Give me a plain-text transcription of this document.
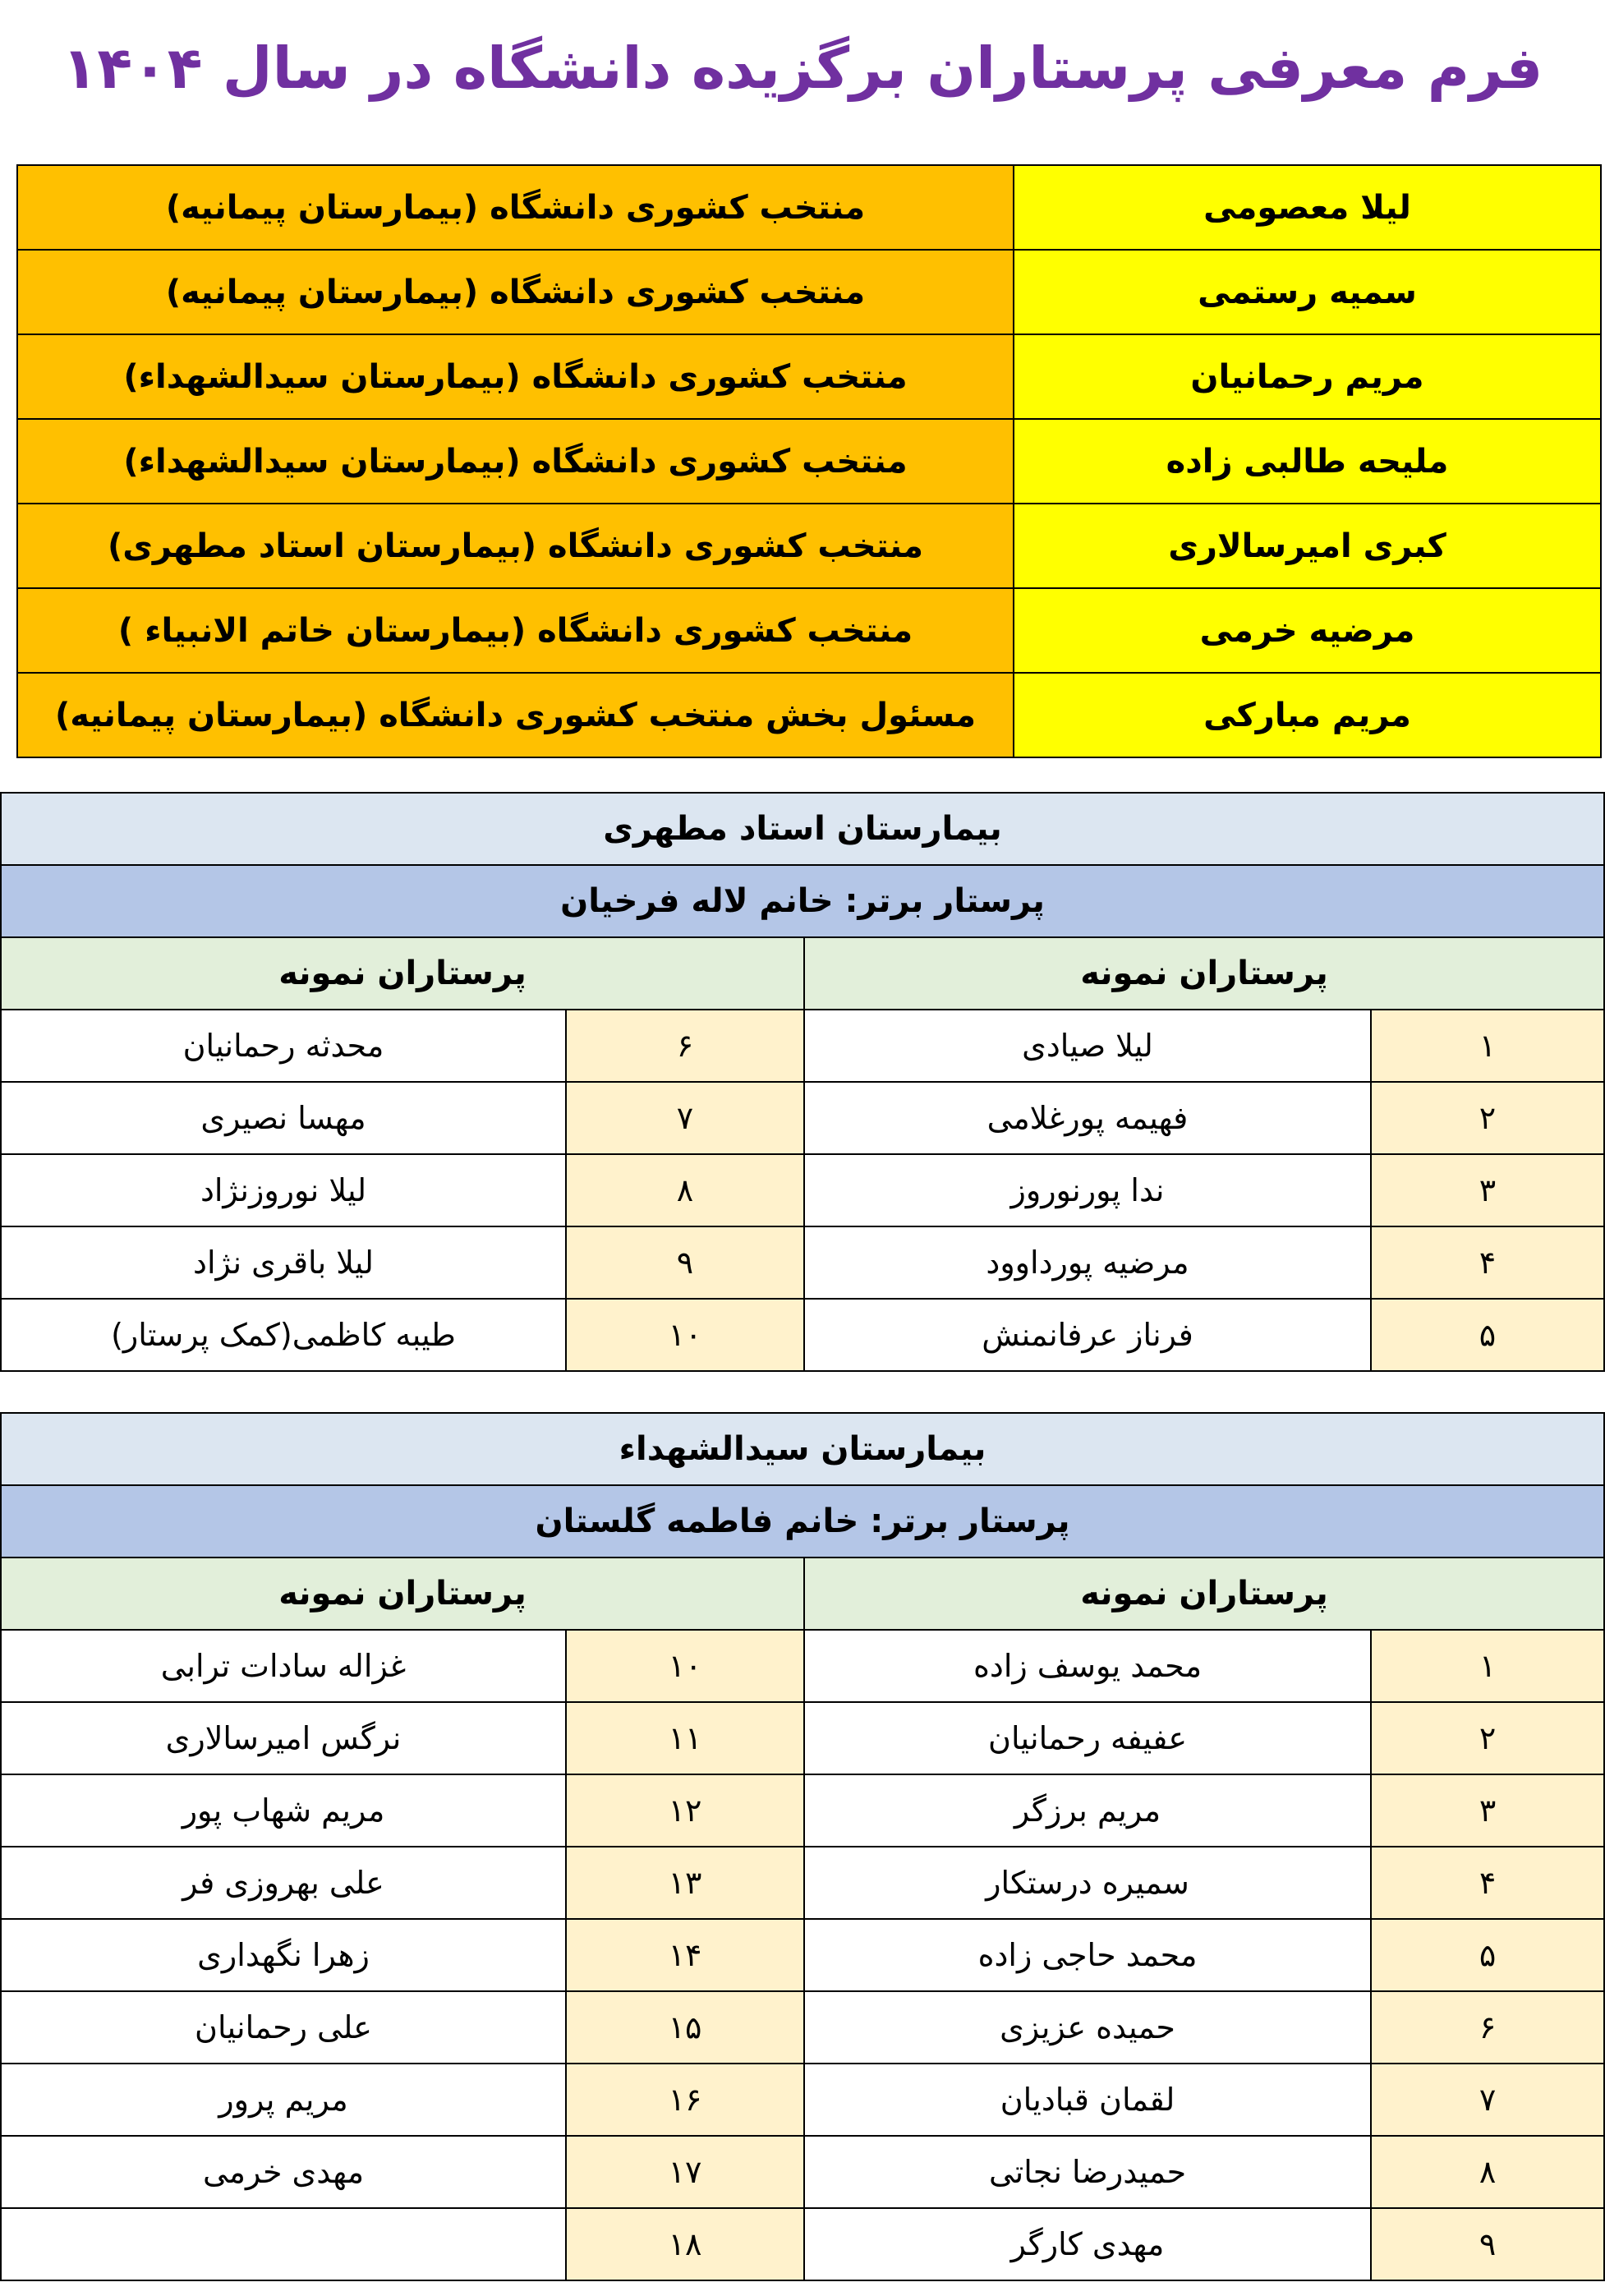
فرم معرفی پرستاران برگزیده دانشگاه در سال ۱۴۰۴
لیلا معصومی	منتخب کشوری دانشگاه (بیمارستان پیمانیه)
سمیه رستمی	منتخب کشوری دانشگاه (بیمارستان پیمانیه)
مریم رحمانیان	منتخب کشوری دانشگاه (بیمارستان سیدالشهداء)
ملیحه طالبی زاده	منتخب کشوری دانشگاه (بیمارستان سیدالشهداء)
کبری امیرسالاری	منتخب کشوری دانشگاه (بیمارستان استاد مطهری)
مرضیه خرمی	منتخب کشوری دانشگاه (بیمارستان خاتم الانبیاء )
مریم مبارکی	مسئول بخش منتخب کشوری دانشگاه (بیمارستان پیمانیه)
بیمارستان استاد مطهری			
پرستار برتر: خانم لاله فرخیان			
پرستاران نمونه		پرستاران نمونه	
۱	لیلا صیادی	۶	محدثه رحمانیان
۲	فهیمه پورغلامی	۷	مهسا نصیری
۳	ندا پورنوروز	۸	لیلا نوروزنژاد
۴	مرضیه پورداوود	۹	لیلا باقری نژاد
۵	فرناز عرفانمنش	۱۰	طیبه کاظمی(کمک پرستار)
بیمارستان سیدالشهداء			
پرستار برتر: خانم فاطمه گلستان			
پرستاران نمونه		پرستاران نمونه	
۱	محمد یوسف زاده	۱۰	غزاله سادات ترابی
۲	عفیفه رحمانیان	۱۱	نرگس امیرسالاری
۳	مریم برزگر	۱۲	مریم شهاب پور
۴	سمیره درستکار	۱۳	علی بهروزی فر
۵	محمد حاجی زاده	۱۴	زهرا نگهداری
۶	حمیده عزیزی	۱۵	علی رحمانیان
۷	لقمان قبادیان	۱۶	مریم پرور
۸	حمیدرضا نجاتی	۱۷	مهدی خرمی
۹	مهدی کارگر	۱۸	
